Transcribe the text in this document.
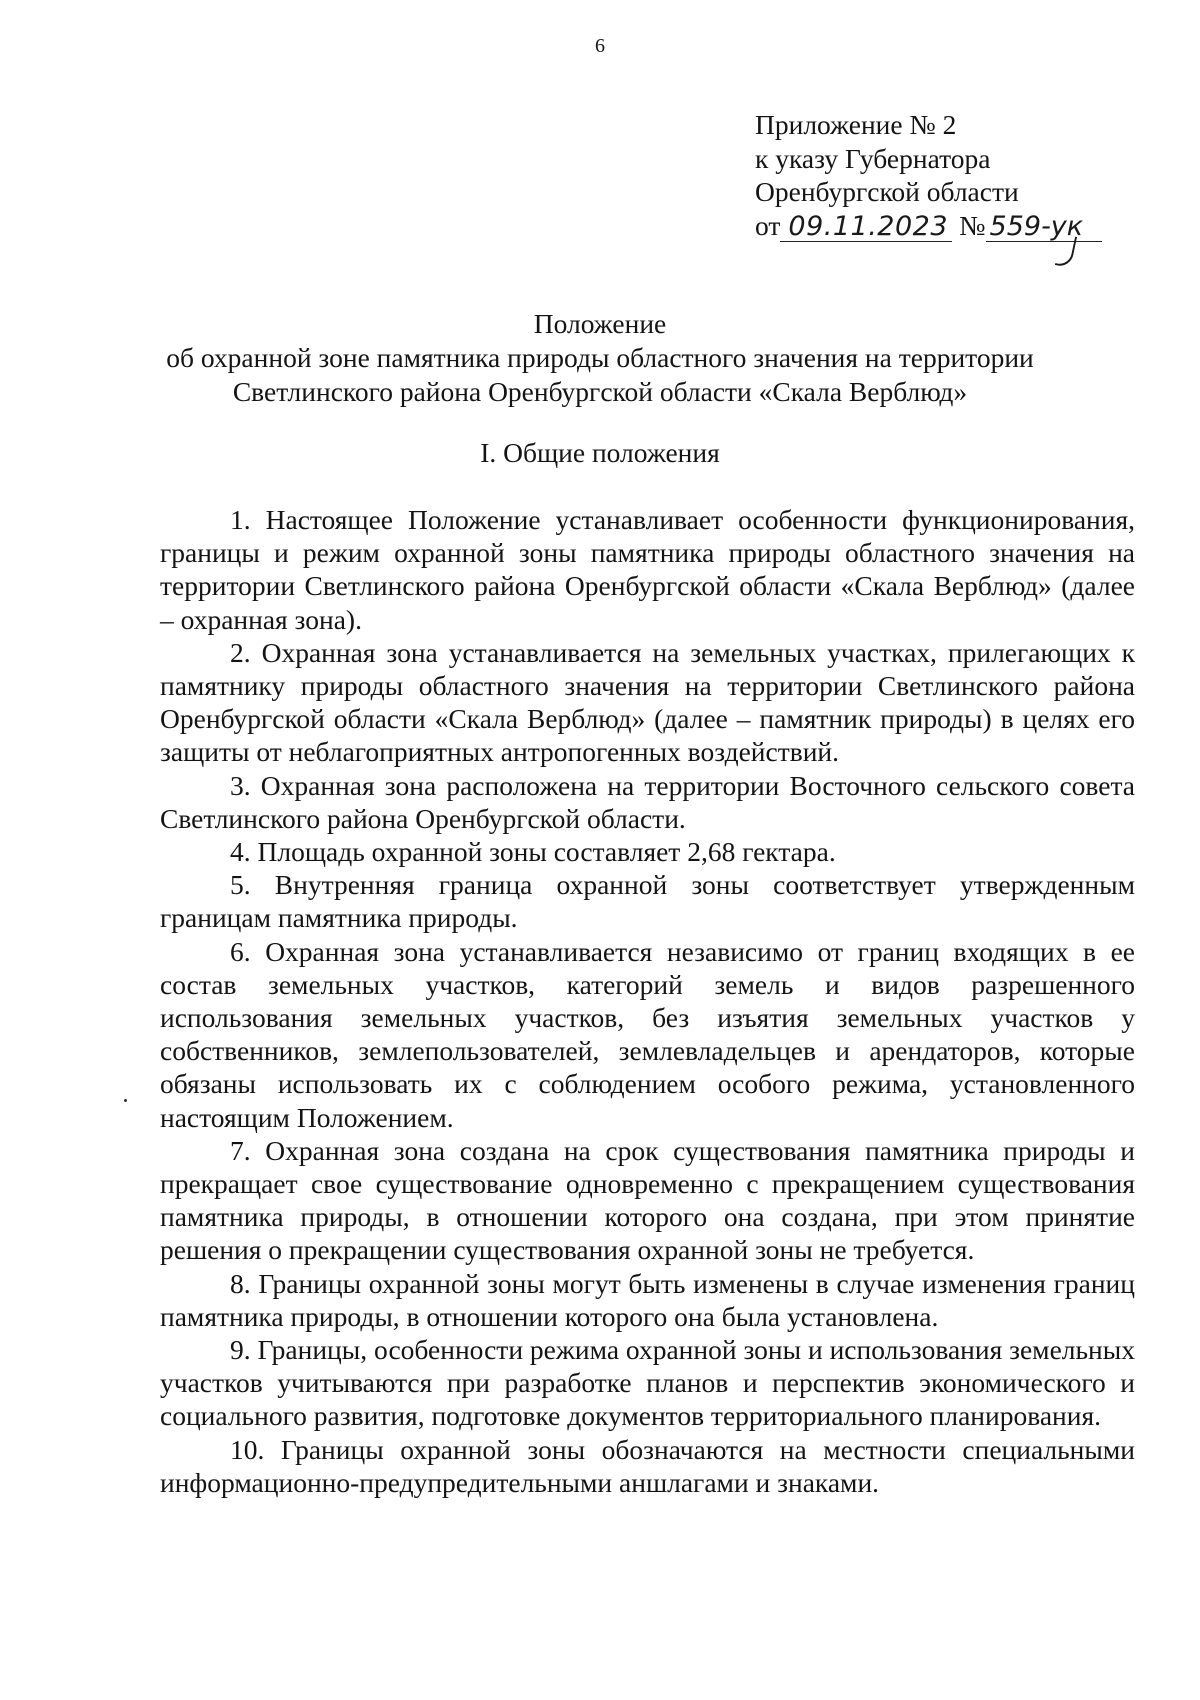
6
Приложение № 2
к указу Губернатора
Оренбургской области
от 09.11.2023 № 559-ук
Положение
об охранной зоне памятника природы областного значения на территории
Светлинского района Оренбургской области «Скала Верблюд»
I. Общие положения

1. Настоящее Положение устанавливает особенности функционирования, границы и режим охранной зоны памятника природы областного значения на территории Светлинского района Оренбургской области «Скала Верблюд» (далее – охранная зона).

2. Охранная зона устанавливается на земельных участках, прилегающих к памятнику природы областного значения на территории Светлинского района Оренбургской области «Скала Верблюд» (далее – памятник природы) в целях его защиты от неблагоприятных антропогенных воздействий.

3. Охранная зона расположена на территории Восточного сельского совета Светлинского района Оренбургской области.

4. Площадь охранной зоны составляет 2,68 гектара.

5. Внутренняя граница охранной зоны соответствует утвержденным границам памятника природы.

6. Охранная зона устанавливается независимо от границ входящих в ее состав земельных участков, категорий земель и видов разрешенного использования земельных участков, без изъятия земельных участков у собственников, землепользователей, землевладельцев и арендаторов, которые обязаны использовать их с соблюдением особого режима, установленного настоящим Положением.

7. Охранная зона создана на срок существования памятника природы и прекращает свое существование одновременно с прекращением существования памятника природы, в отношении которого она создана, при этом принятие решения о прекращении существования охранной зоны не требуется.

8. Границы охранной зоны могут быть изменены в случае изменения границ памятника природы, в отношении которого она была установлена.

9. Границы, особенности режима охранной зоны и использования земельных участков учитываются при разработке планов и перспектив экономического и социального развития, подготовке документов территориального планирования.

10. Границы охранной зоны обозначаются на местности специальными информационно-предупредительными аншлагами и знаками.
